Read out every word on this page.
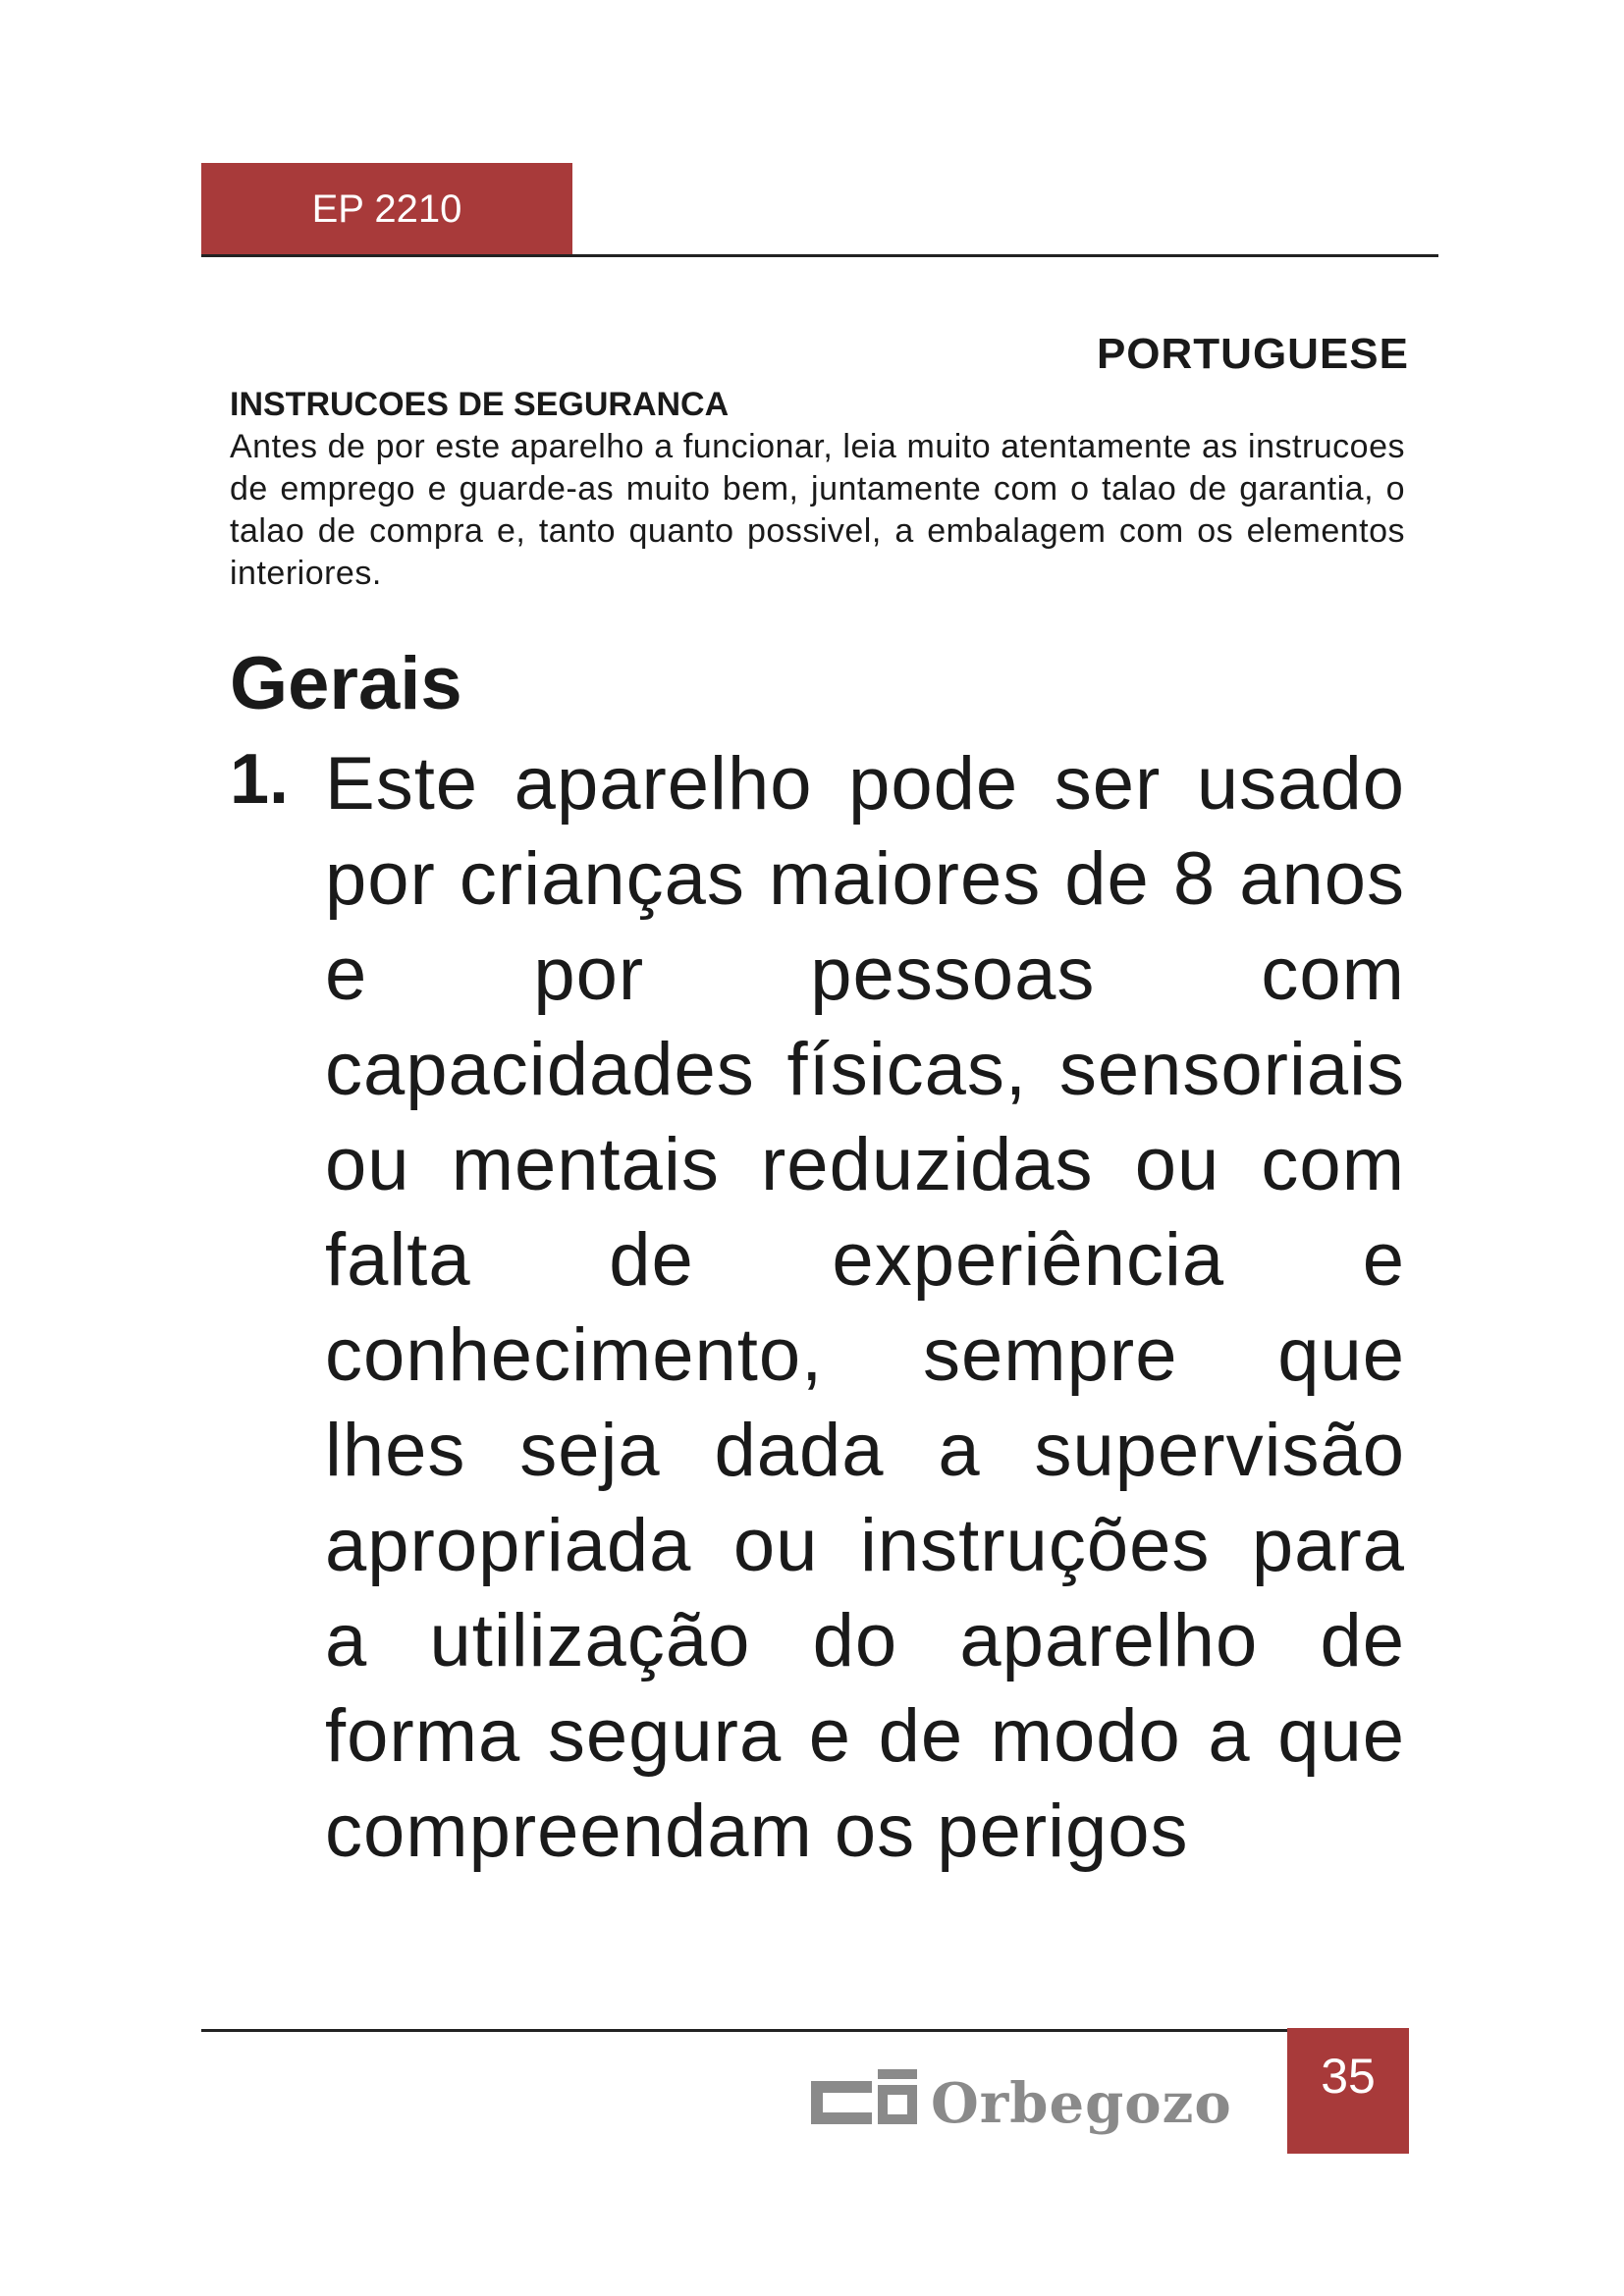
EP 2210
PORTUGUESE
INSTRUCOES DE SEGURANCA
Antes de por este aparelho a funcionar, leia muito atentamente as instrucoes de emprego e guarde-as muito bem, juntamente com o talao de garantia, o talao de compra e, tanto quanto possivel, a embalagem com os elementos interiores.
Gerais
1. Este aparelho pode ser usado por crianças maiores de 8 anos e por pessoas com capacidades físicas, sensoriais ou mentais reduzidas ou com falta de experiência e conhecimento, sempre que lhes seja dada a supervisão apropriada ou instruções para a utilização do aparelho de forma segura e de modo a que compreendam os perigos
Orbegozo 35
